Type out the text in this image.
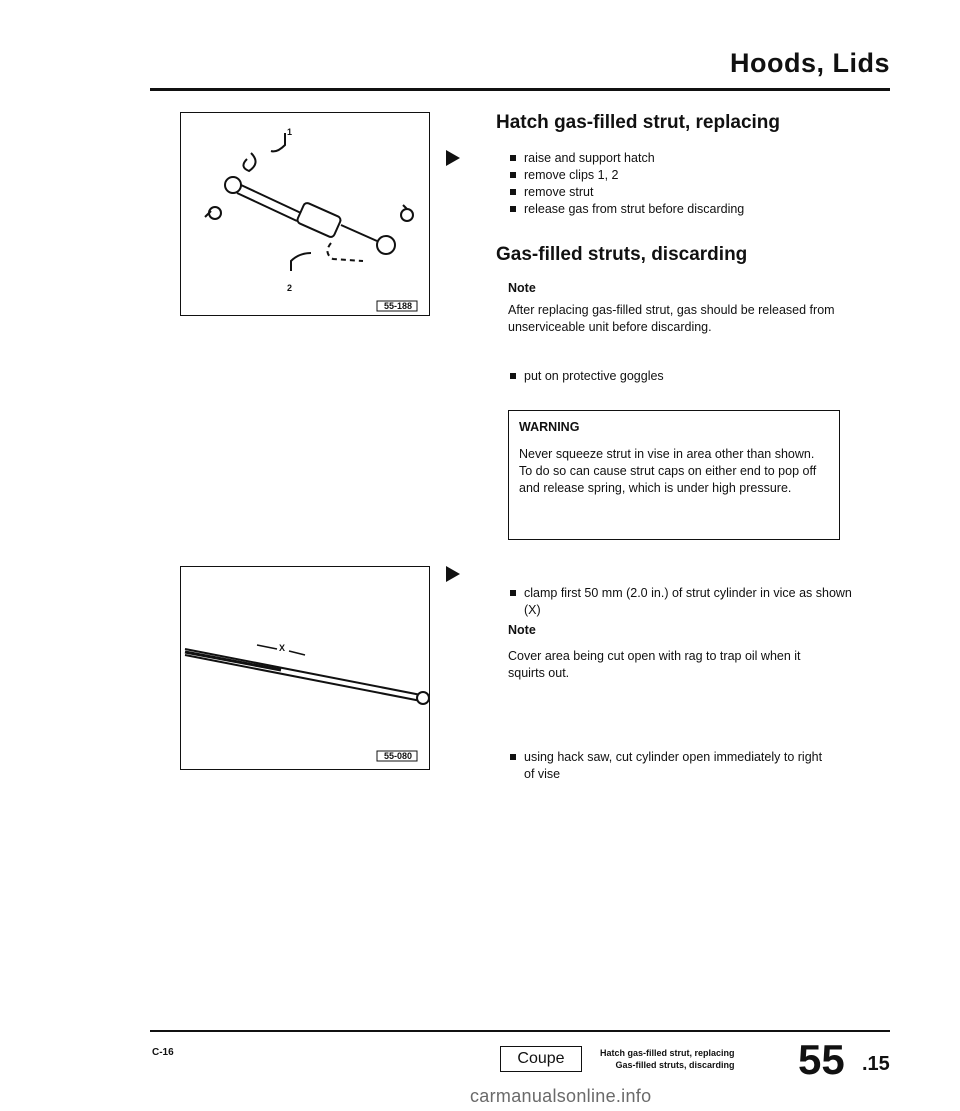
Hoods, Lids
1
2
55-188
X
55-080
Hatch gas-filled strut, replacing
raise and support hatch
remove clips 1, 2
remove strut
release gas from strut before discarding
Gas-filled struts, discarding
Note
After replacing gas-filled strut, gas should be released from unserviceable unit before discarding.
put on protective goggles
WARNING
Never squeeze strut in vise in area other than shown. To do so can cause strut caps on either end to pop off and release spring, which is under high pressure.
clamp first 50 mm (2.0 in.) of strut cylinder in vice as shown (X)
Note
Cover area being cut open with rag to trap oil when it squirts out.
using hack saw, cut cylinder open immediately to right of vise
C-16	Coupe	Hatch gas-filled strut, replacing
Gas-filled struts, discarding 55 .15
carmanualsonline.info
